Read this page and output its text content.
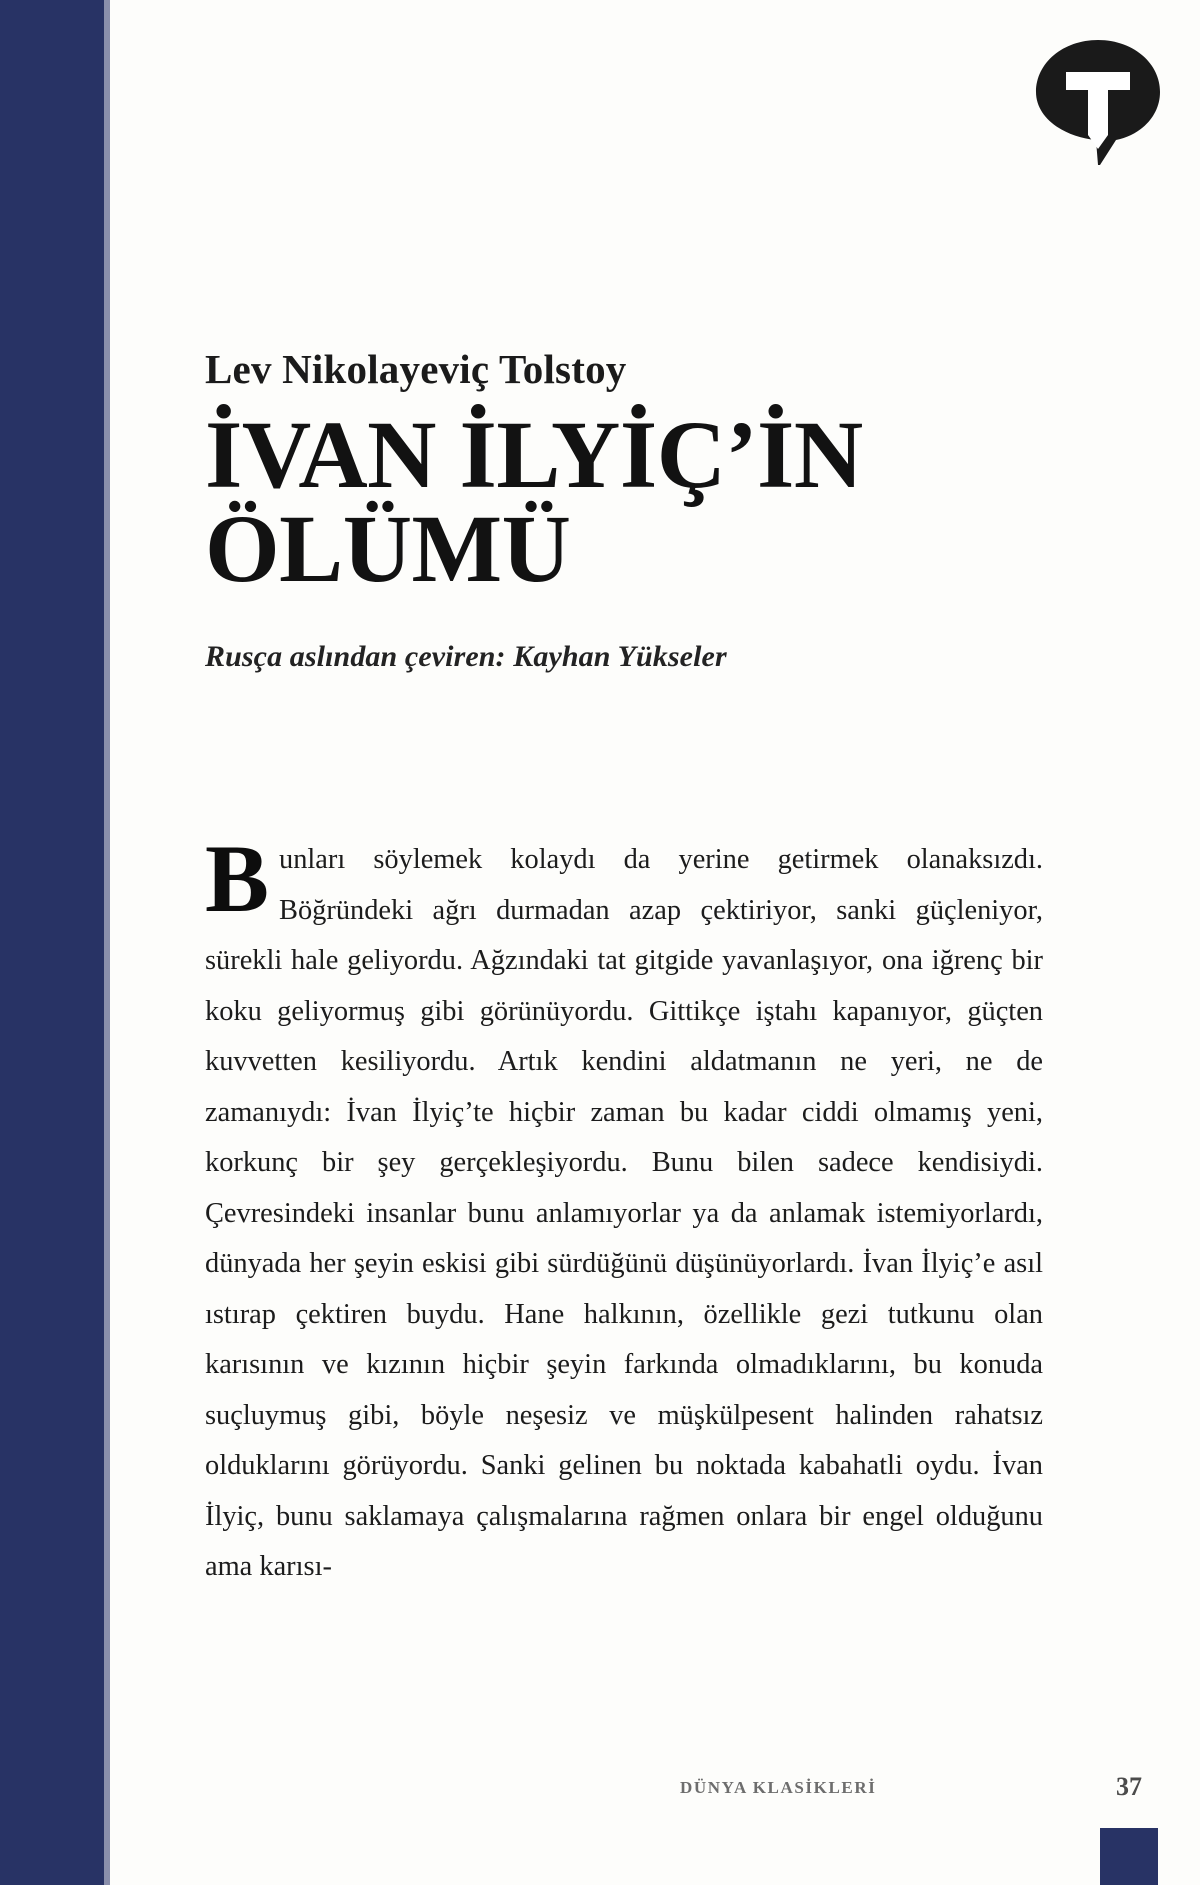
Lev Nikolayeviç Tolstoy
İVAN İLYİÇ’İN
ÖLÜMÜ
Rusça aslından çeviren: Kayhan Yükseler

Bunları söylemek kolaydı da yerine getirmek olanaksızdı. Böğründeki ağrı durmadan azap çektiriyor, sanki güçleniyor, sürekli hale geliyordu. Ağzındaki tat gitgide yavanlaşıyor, ona iğrenç bir koku geliyormuş gibi görünüyordu. Gittikçe iştahı kapanıyor, güçten kuvvetten kesiliyordu. Artık kendini aldatmanın ne yeri, ne de zamanıydı: İvan İlyiç’te hiçbir zaman bu kadar ciddi olmamış yeni, korkunç bir şey gerçekleşiyordu. Bunu bilen sadece kendisiydi. Çevresindeki insanlar bunu anlamıyorlar ya da anlamak istemiyorlardı, dünyada her şeyin eskisi gibi sürdüğünü düşünüyorlardı. İvan İlyiç’e asıl ıstırap çektiren buydu. Hane halkının, özellikle gezi tutkunu olan karısının ve kızının hiçbir şeyin farkında olmadıklarını, bu konuda suçluymuş gibi, böyle neşesiz ve müşkülpesent halinden rahatsız olduklarını görüyordu. Sanki gelinen bu noktada kabahatli oydu. İvan İlyiç, bunu saklamaya çalışmalarına rağmen onlara bir engel olduğunu ama karısı-

DÜNYA KLASİKLERİ	37
